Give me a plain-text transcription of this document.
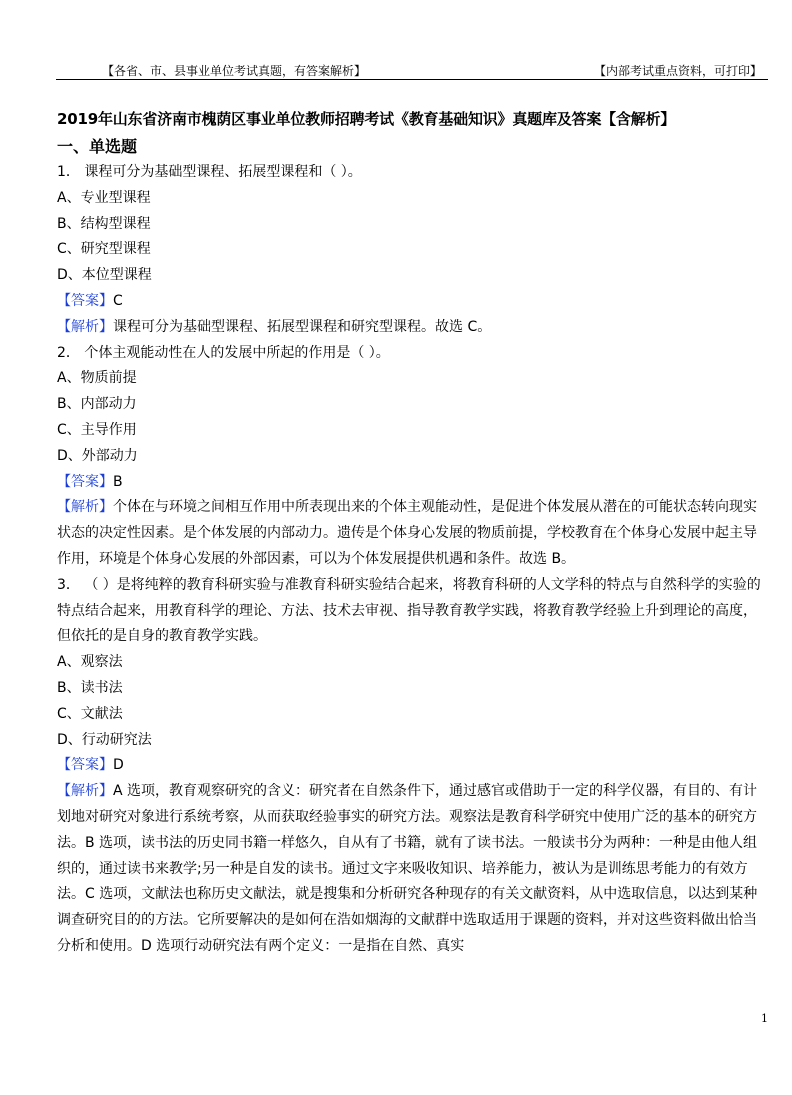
【各省、市、县事业单位考试真题，有答案解析】	【内部考试重点资料，可打印】

2019年山东省济南市槐荫区事业单位教师招聘考试《教育基础知识》真题库及答案【含解析】

一、单选题

1． 课程可分为基础型课程、拓展型课程和（ ）。

A、专业型课程

B、结构型课程

C、研究型课程

D、本位型课程

【答案】C

【解析】课程可分为基础型课程、拓展型课程和研究型课程。故选 C。

2． 个体主观能动性在人的发展中所起的作用是（ ）。

A、物质前提

B、内部动力

C、主导作用

D、外部动力

【答案】B

【解析】个体在与环境之间相互作用中所表现出来的个体主观能动性，是促进个体发展从潜在的可能状态转向现实状态的决定性因素。是个体发展的内部动力。遗传是个体身心发展的物质前提，学校教育在个体身心发展中起主导作用，环境是个体身心发展的外部因素，可以为个体发展提供机遇和条件。故选 B。

3． （ ）是将纯粹的教育科研实验与准教育科研实验结合起来，将教育科研的人文学科的特点与自然科学的实验的特点结合起来，用教育科学的理论、方法、技术去审视、指导教育教学实践，将教育教学经验上升到理论的高度，但依托的是自身的教育教学实践。

A、观察法

B、读书法

C、文献法

D、行动研究法

【答案】D

【解析】A 选项，教育观察研究的含义：研究者在自然条件下，通过感官或借助于一定的科学仪器，有目的、有计划地对研究对象进行系统考察，从而获取经验事实的研究方法。观察法是教育科学研究中使用广泛的基本的研究方法。B 选项，读书法的历史同书籍一样悠久，自从有了书籍，就有了读书法。一般读书分为两种：一种是由他人组织的，通过读书来教学;另一种是自发的读书。通过文字来吸收知识、培养能力，被认为是训练思考能力的有效方法。C 选项，文献法也称历史文献法，就是搜集和分析研究各种现存的有关文献资料，从中选取信息，以达到某种调查研究目的的方法。它所要解决的是如何在浩如烟海的文献群中选取适用于课题的资料，并对这些资料做出恰当分析和使用。D 选项行动研究法有两个定义：一是指在自然、真实

1
